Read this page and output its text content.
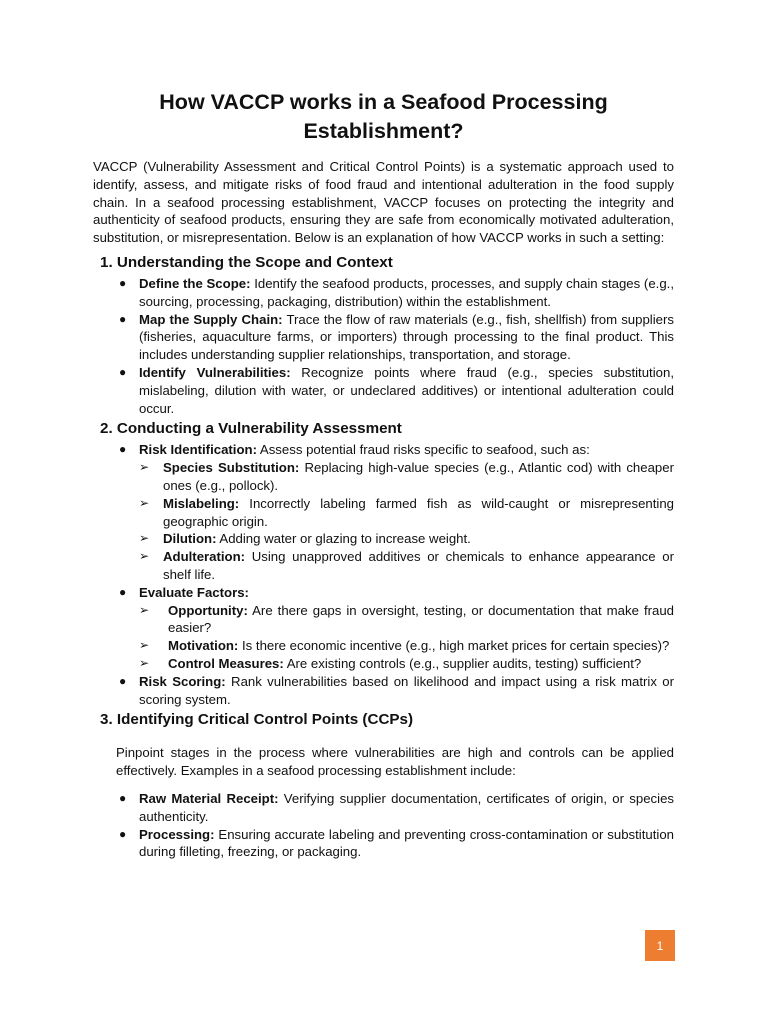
How VACCP works in a Seafood Processing Establishment?

VACCP (Vulnerability Assessment and Critical Control Points) is a systematic approach used to identify, assess, and mitigate risks of food fraud and intentional adulteration in the food supply chain. In a seafood processing establishment, VACCP focuses on protecting the integrity and authenticity of seafood products, ensuring they are safe from economically motivated adulteration, substitution, or misrepresentation. Below is an explanation of how VACCP works in such a setting:

1. Understanding the Scope and Context
● Define the Scope: Identify the seafood products, processes, and supply chain stages (e.g., sourcing, processing, packaging, distribution) within the establishment.
● Map the Supply Chain: Trace the flow of raw materials (e.g., fish, shellfish) from suppliers (fisheries, aquaculture farms, or importers) through processing to the final product. This includes understanding supplier relationships, transportation, and storage.
● Identify Vulnerabilities: Recognize points where fraud (e.g., species substitution, mislabeling, dilution with water, or undeclared additives) or intentional adulteration could occur.
2. Conducting a Vulnerability Assessment
● Risk Identification: Assess potential fraud risks specific to seafood, such as:
➢ Species Substitution: Replacing high-value species (e.g., Atlantic cod) with cheaper ones (e.g., pollock).
➢ Mislabeling: Incorrectly labeling farmed fish as wild-caught or misrepresenting geographic origin.
➢ Dilution: Adding water or glazing to increase weight.
➢ Adulteration: Using unapproved additives or chemicals to enhance appearance or shelf life.
● Evaluate Factors:
➢ Opportunity: Are there gaps in oversight, testing, or documentation that make fraud easier?
➢ Motivation: Is there economic incentive (e.g., high market prices for certain species)?
➢ Control Measures: Are existing controls (e.g., supplier audits, testing) sufficient?
● Risk Scoring: Rank vulnerabilities based on likelihood and impact using a risk matrix or scoring system.
3. Identifying Critical Control Points (CCPs)

Pinpoint stages in the process where vulnerabilities are high and controls can be applied effectively. Examples in a seafood processing establishment include:

● Raw Material Receipt: Verifying supplier documentation, certificates of origin, or species authenticity.
● Processing: Ensuring accurate labeling and preventing cross-contamination or substitution during filleting, freezing, or packaging.
1
